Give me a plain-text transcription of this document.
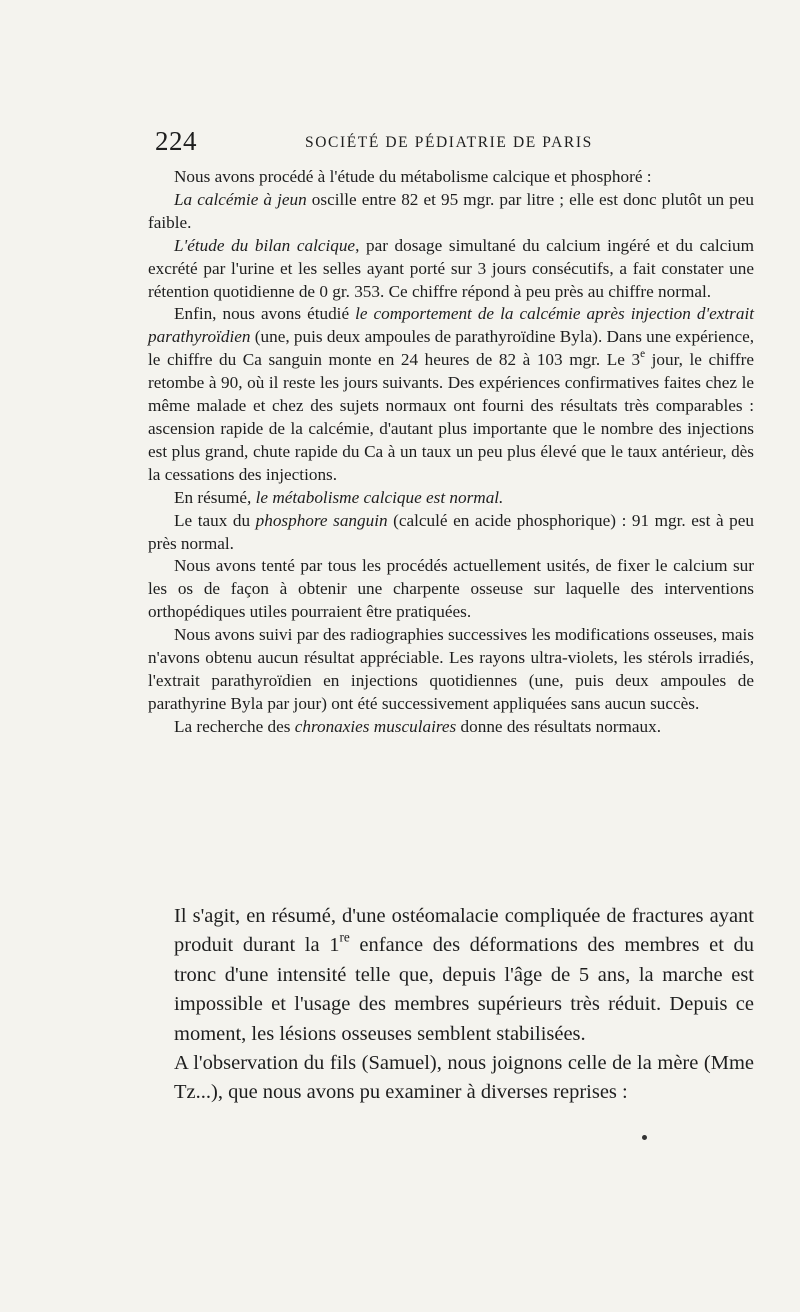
224	SOCIÉTÉ DE PÉDIATRIE DE PARIS

Nous avons procédé à l'étude du métabolisme calcique et phosphoré :

La calcémie à jeun oscille entre 82 et 95 mgr. par litre ; elle est donc plutôt un peu faible.

L'étude du bilan calcique, par dosage simultané du calcium ingéré et du calcium excrété par l'urine et les selles ayant porté sur 3 jours consécutifs, a fait constater une rétention quotidienne de 0 gr. 353. Ce chiffre répond à peu près au chiffre normal.

Enfin, nous avons étudié le comportement de la calcémie après injection d'extrait parathyroïdien (une, puis deux ampoules de parathyroïdine Byla). Dans une expérience, le chiffre du Ca sanguin monte en 24 heures de 82 à 103 mgr. Le 3e jour, le chiffre retombe à 90, où il reste les jours suivants. Des expériences confirmatives faites chez le même malade et chez des sujets normaux ont fourni des résultats très comparables : ascension rapide de la calcémie, d'autant plus importante que le nombre des injections est plus grand, chute rapide du Ca à un taux un peu plus élevé que le taux antérieur, dès la cessations des injections.

En résumé, le métabolisme calcique est normal.

Le taux du phosphore sanguin (calculé en acide phosphorique) : 91 mgr. est à peu près normal.

Nous avons tenté par tous les procédés actuellement usités, de fixer le calcium sur les os de façon à obtenir une charpente osseuse sur laquelle des interventions orthopédiques utiles pourraient être pratiquées.

Nous avons suivi par des radiographies successives les modifications osseuses, mais n'avons obtenu aucun résultat appréciable. Les rayons ultra-violets, les stérols irradiés, l'extrait parathyroïdien en injections quotidiennes (une, puis deux ampoules de parathyrine Byla par jour) ont été successivement appliquées sans aucun succès.

La recherche des chronaxies musculaires donne des résultats normaux.

Il s'agit, en résumé, d'une ostéomalacie compliquée de fractures ayant produit durant la 1re enfance des déformations des membres et du tronc d'une intensité telle que, depuis l'âge de 5 ans, la marche est impossible et l'usage des membres supérieurs très réduit. Depuis ce moment, les lésions osseuses semblent stabilisées.

A l'observation du fils (Samuel), nous joignons celle de la mère (Mme Tz...), que nous avons pu examiner à diverses reprises :
